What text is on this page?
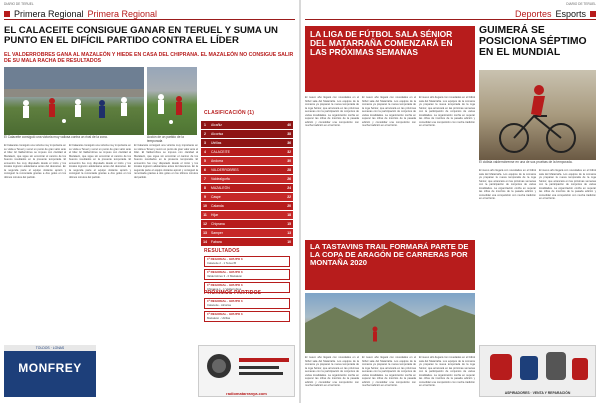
DIARIO DE TERUEL
Primera Regional Primera Regional
EL CALACEITE CONSIGUE GANAR EN TERUEL Y SUMA UN PUNTO EN EL DIFÍCIL PARTIDO CONTRA EL LÍDER
EL VALDERROBRES GANA AL MAZALEÓN Y HIEDE EN CASA DEL CHIPRANA. EL MAZALEÓN NO CONSIGUE SALIR DE SU MALA RACHA DE RESULTADOS
El Calaceite consiguió una victoria muy valiosa contra un rival de la zona.	Acción de un partido de la temporada
CLASIFICACIÓN (1)
1	Alcañiz	40
2	Alcorisa	38
3	Utrillas	36
4	CALACEITE	32
5	Andorra	30
6	VALDERROBRES	28
7	Valdealgorfa	26
8	MAZALEÓN	24
9	Caspe	22
10	Calanda	20
11	Híjar	18
12	Chiprana	15
13	Samper	13
14	Fabara	10
El Calaceite consiguió una victoria muy importante en su visita a Teruel y sumó un punto de gran valor ante el líder. El Valderrobres se impuso con claridad al Mazaleón, que sigue sin encontrar el camino de los buenos resultados en la presente temporada. El encuentro fue muy disputado desde el inicio y los locales lograron adelantarse antes del descanso. En la segunda parte el equipo visitante apretó y consiguió la remontada gracias a dos goles en los últimos minutos del partido.
El Calaceite consiguió una victoria muy importante en su visita a Teruel y sumó un punto de gran valor ante el líder. El Valderrobres se impuso con claridad al Mazaleón, que sigue sin encontrar el camino de los buenos resultados en la presente temporada. El encuentro fue muy disputado desde el inicio y los locales lograron adelantarse antes del descanso. En la segunda parte el equipo visitante apretó y consiguió la remontada gracias a dos goles en los últimos minutos del partido.
El Calaceite consiguió una victoria muy importante en su visita a Teruel y sumó un punto de gran valor ante el líder. El Valderrobres se impuso con claridad al Mazaleón, que sigue sin encontrar el camino de los buenos resultados en la presente temporada. El encuentro fue muy disputado desde el inicio y los locales lograron adelantarse antes del descanso. En la segunda parte el equipo visitante apretó y consiguió la remontada gracias a dos goles en los últimos minutos del partido.
RESULTADOS
1ª REGIONAL · GRUPO 3
Calaceite 2 - 1 Teruel B
1ª REGIONAL · GRUPO 3
Valderrobres 3 - 0 Mazaleón
1ª REGIONAL · GRUPO 3
Chiprana 1 - 1 Valderrobres
PRÓXIMOS PARTIDOS
1ª REGIONAL · GRUPO 3
Calaceite - Alcorisa
1ª REGIONAL · GRUPO 3
Mazaleón - Utrillas
TOLDOS · LONAS
MONFREY
radiomatarranya.com
DIARIO DE TERUEL
Deportes Esports
LA LIGA DE FÚTBOL SALA SÉNIOR DEL MATARRAÑA COMENZARÁ EN LAS PRÓXIMAS SEMANAS
El nuevo año llegará con novedades en el fútbol sala del Matarraña. Los equipos de la comarca ya preparan la nueva temporada de la Liga Sénior, que arrancará en las próximas semanas con la participación de conjuntos de varias localidades. La organización confía en superar las cifras de inscritos de la pasada edición y consolidar una competición con mucha tradición en el territorio.
El nuevo año llegará con novedades en el fútbol sala del Matarraña. Los equipos de la comarca ya preparan la nueva temporada de la Liga Sénior, que arrancará en las próximas semanas con la participación de conjuntos de varias localidades. La organización confía en superar las cifras de inscritos de la pasada edición y consolidar una competición con mucha tradición en el territorio.
El nuevo año llegará con novedades en el fútbol sala del Matarraña. Los equipos de la comarca ya preparan la nueva temporada de la Liga Sénior, que arrancará en las próximas semanas con la participación de conjuntos de varias localidades. La organización confía en superar las cifras de inscritos de la pasada edición y consolidar una competición con mucha tradición en el territorio.
LA TASTAVINS TRAIL FORMARÁ PARTE DE LA COPA DE ARAGÓN DE CARRERAS POR MONTAÑA 2020
El nuevo año llegará con novedades en el fútbol sala del Matarraña. Los equipos de la comarca ya preparan la nueva temporada de la Liga Sénior, que arrancará en las próximas semanas con la participación de conjuntos de varias localidades. La organización confía en superar las cifras de inscritos de la pasada edición y consolidar una competición con mucha tradición en el territorio.
El nuevo año llegará con novedades en el fútbol sala del Matarraña. Los equipos de la comarca ya preparan la nueva temporada de la Liga Sénior, que arrancará en las próximas semanas con la participación de conjuntos de varias localidades. La organización confía en superar las cifras de inscritos de la pasada edición y consolidar una competición con mucha tradición en el territorio.
El nuevo año llegará con novedades en el fútbol sala del Matarraña. Los equipos de la comarca ya preparan la nueva temporada de la Liga Sénior, que arrancará en las próximas semanas con la participación de conjuntos de varias localidades. La organización confía en superar las cifras de inscritos de la pasada edición y consolidar una competición con mucha tradición en el territorio.
GUIMERÁ SE POSICIONA SÉPTIMO EN EL MUNDIAL
El ciclista valderrobrense en una de sus pruebas de la temporada.
El nuevo año llegará con novedades en el fútbol sala del Matarraña. Los equipos de la comarca ya preparan la nueva temporada de la Liga Sénior, que arrancará en las próximas semanas con la participación de conjuntos de varias localidades. La organización confía en superar las cifras de inscritos de la pasada edición y consolidar una competición con mucha tradición en el territorio.
El nuevo año llegará con novedades en el fútbol sala del Matarraña. Los equipos de la comarca ya preparan la nueva temporada de la Liga Sénior, que arrancará en las próximas semanas con la participación de conjuntos de varias localidades. La organización confía en superar las cifras de inscritos de la pasada edición y consolidar una competición con mucha tradición en el territorio.
ASPIRADORES · VENTA Y REPARACIÓN
